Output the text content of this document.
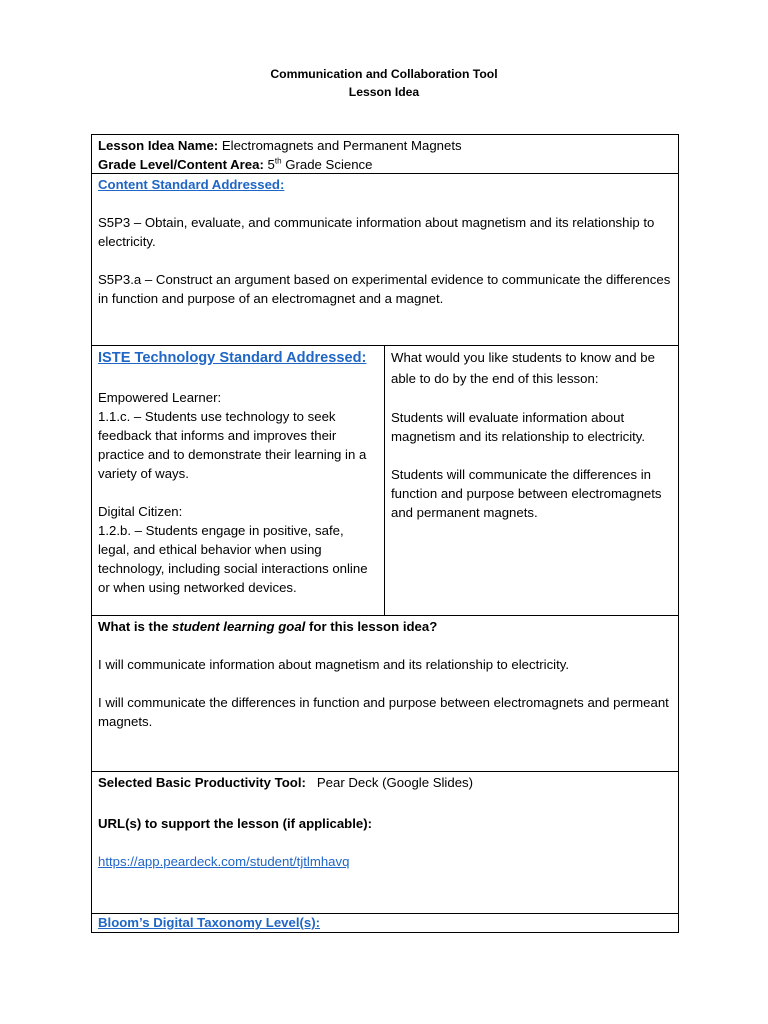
Communication and Collaboration Tool
Lesson Idea

Lesson Idea Name: Electromagnets and Permanent Magnets

Grade Level/Content Area: 5th Grade Science

Content Standard Addressed:

S5P3 – Obtain, evaluate, and communicate information about magnetism and its relationship to electricity.

S5P3.a – Construct an argument based on experimental evidence to communicate the differences in function and purpose of an electromagnet and a magnet.

ISTE Technology Standard Addressed:

Empowered Learner:

1.1.c. – Students use technology to seek feedback that informs and improves their practice and to demonstrate their learning in a variety of ways.

Digital Citizen:

1.2.b. – Students engage in positive, safe, legal, and ethical behavior when using technology, including social interactions online or when using networked devices.

What would you like students to know and be able to do by the end of this lesson:

Students will evaluate information about magnetism and its relationship to electricity.

Students will communicate the differences in function and purpose between electromagnets and permanent magnets.

What is the student learning goal for this lesson idea?

I will communicate information about magnetism and its relationship to electricity.

I will communicate the differences in function and purpose between electromagnets and permeant magnets.

Selected Basic Productivity Tool: Pear Deck (Google Slides)

URL(s) to support the lesson (if applicable):

https://app.peardeck.com/student/tjtlmhavq

Bloom’s Digital Taxonomy Level(s):
